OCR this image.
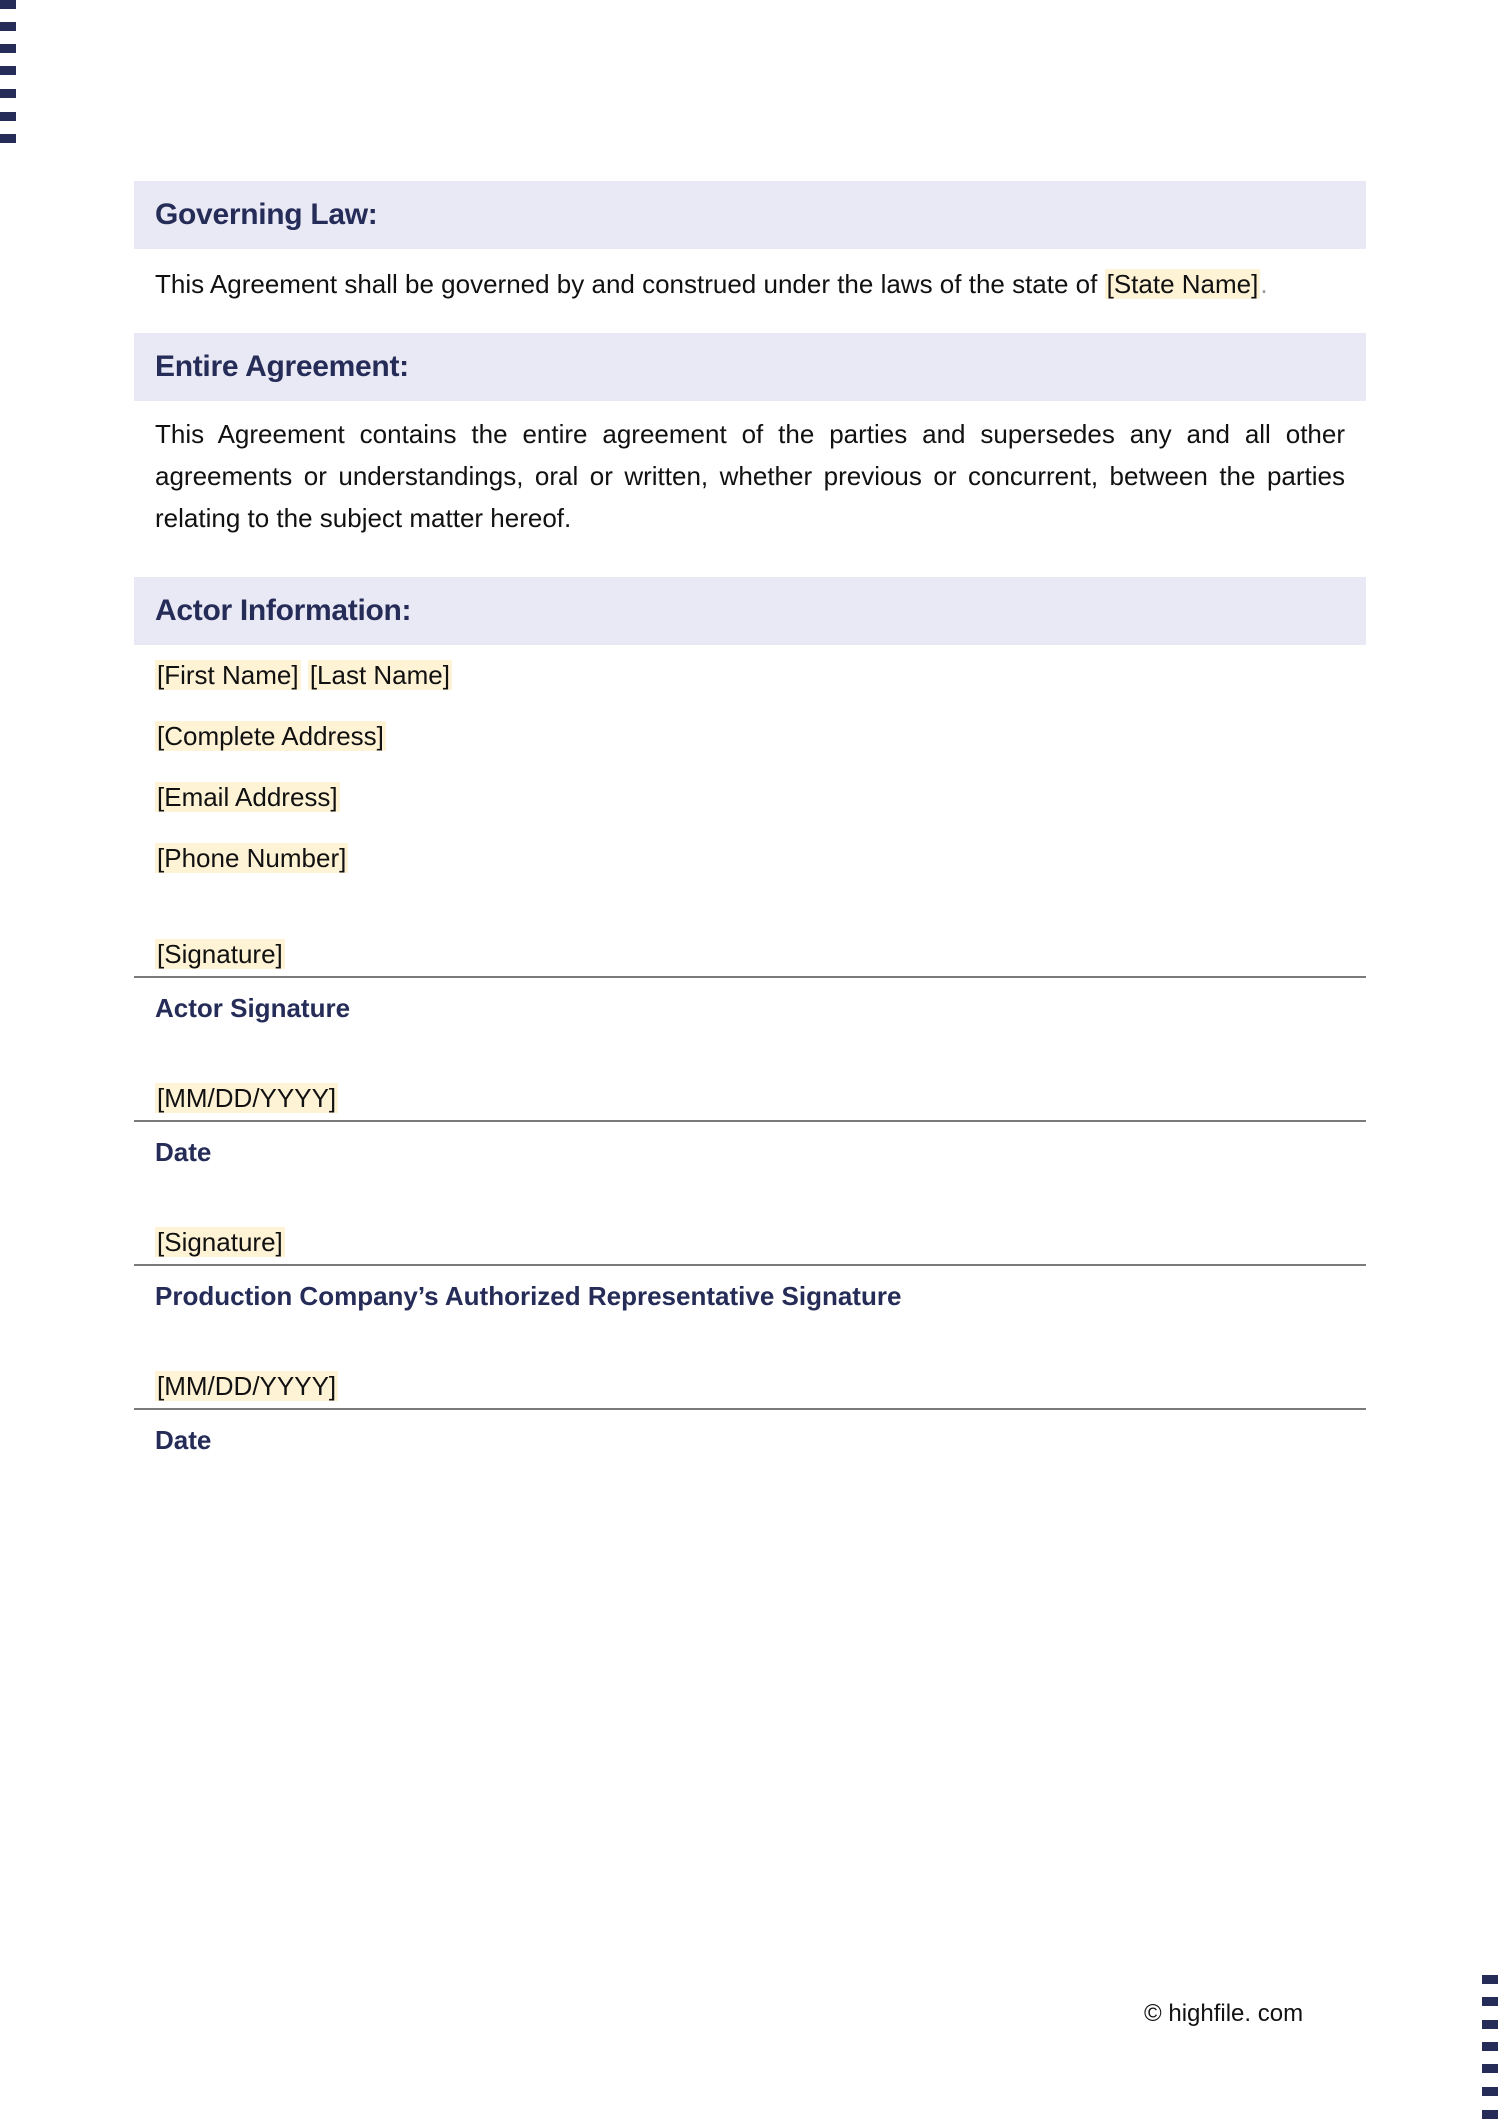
Governing Law:
This Agreement shall be governed by and construed under the laws of the state of [State Name].
Entire Agreement:
This Agreement contains the entire agreement of the parties and supersedes any and all other agreements or understandings, oral or written, whether previous or concurrent, between the parties relating to the subject matter hereof.
Actor Information:
[First Name] [Last Name]
[Complete Address]
[Email Address]
[Phone Number]
[Signature]
Actor Signature
[MM/DD/YYYY]
Date
[Signature]
Production Company’s Authorized Representative Signature
[MM/DD/YYYY]
Date
© highfile. com
